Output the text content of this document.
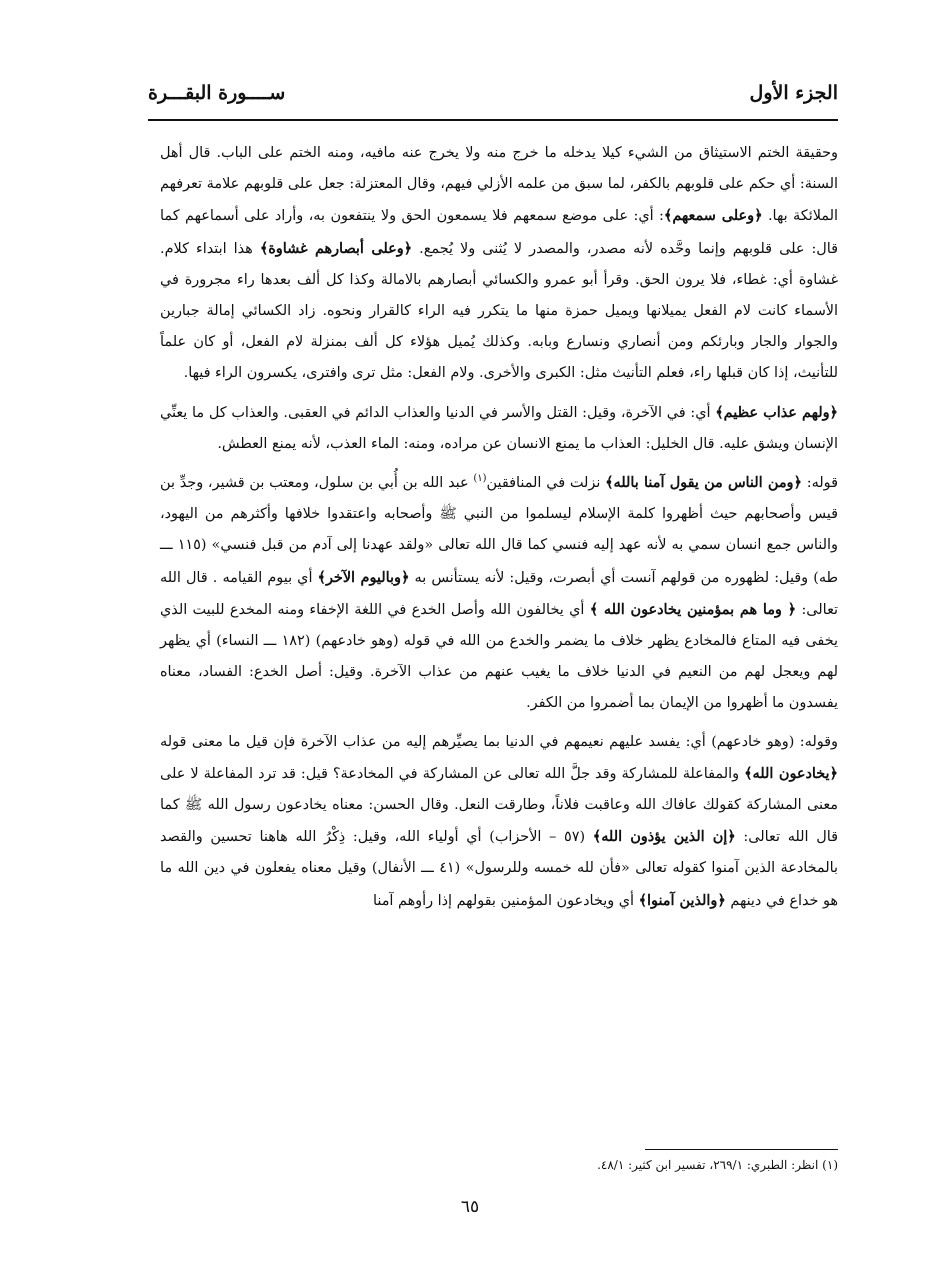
الجزء الأول
ســــورة البقـــرة

وحقيقة الختم الاستيثاق من الشيء كيلا يدخله ما خرج منه ولا يخرج عنه مافيه، ومنه الختم على الباب. قال أهل السنة: أي حكم على قلوبهم بالكفر، لما سبق من علمه الأزلي فيهم، وقال المعتزلة: جعل على قلوبهم علامة تعرفهم الملائكة بها. ﴿وعلى سمعهم﴾: أي: على موضع سمعهم فلا يسمعون الحق ولا ينتفعون به، وأراد على أسماعهم كما قال: على قلوبهم وإنما وحَّده لأنه مصدر، والمصدر لا يُثنى ولا يُجمع. ﴿وعلى أبصارهم غشاوة﴾ هذا ابتداء كلام. غشاوة أي: غطاء، فلا يرون الحق. وقرأ أبو عمرو والكسائي أبصارهم بالامالة وكذا كل ألف بعدها راء مجرورة في الأسماء كانت لام الفعل يميلانها ويميل حمزة منها ما يتكرر فيه الراء كالقرار ونحوه. زاد الكسائي إمالة جبارين والجوار والجار وبارئكم ومن أنصاري ونسارع وبابه. وكذلك يُميل هؤلاء كل ألف بمنزلة لام الفعل، أو كان علماً للتأنيث، إذا كان قبلها راء، فعلم التأنيث مثل: الكبرى والأخرى. ولام الفعل: مثل ترى وافترى، يكسرون الراء فيها.

﴿ولهم عذاب عظيم﴾ أي: في الآخرة، وقيل: القتل والأسر في الدنيا والعذاب الدائم في العقبى. والعذاب كل ما يعنِّي الإنسان ويشق عليه. قال الخليل: العذاب ما يمنع الانسان عن مراده، ومنه: الماء العذب، لأنه يمنع العطش.

قوله: ﴿ومن الناس من يقول آمنا بالله﴾ نزلت في المنافقين$^{(١)}$ عبد الله بن أُبي بن سلول، ومعتب بن قشير، وجدِّ بن قيس وأصحابهم حيث أظهروا كلمة الإسلام ليسلموا من النبي ﷺ وأصحابه واعتقدوا خلافها وأكثرهم من اليهود، والناس جمع انسان سمي به لأنه عهد إليه فنسي كما قال الله تعالى «ولقد عهدنا إلى آدم من قبل فنسي» (١١٥ ـــ طه) وقيل: لظهوره من قولهم آنست أي أبصرت، وقيل: لأنه يستأنس به ﴿وباليوم الآخر﴾ أي بيوم القيامه . قال الله تعالى: ﴿ وما هم بمؤمنين يخادعون الله ﴾ أي يخالفون الله وأصل الخدع في اللغة الإخفاء ومنه المخدع للبيت الذي يخفى فيه المتاع فالمخادع يظهر خلاف ما يضمر والخدع من الله في قوله (وهو خادعهم) (١٨٢ ـــ النساء) أي يظهر لهم ويعجل لهم من النعيم في الدنيا خلاف ما يغيب عنهم من عذاب الآخرة. وقيل: أصل الخدع: الفساد، معناه يفسدون ما أظهروا من الإيمان بما أضمروا من الكفر.

وقوله: (وهو خادعهم) أي: يفسد عليهم نعيمهم في الدنيا بما يصيِّرهم إليه من عذاب الآخرة فإن قيل ما معنى قوله ﴿يخادعون الله﴾ والمفاعلة للمشاركة وقد جلَّ الله تعالى عن المشاركة في المخادعة؟ قيل: قد ترد المفاعلة لا على معنى المشاركة كقولك عافاك الله وعاقبت فلاناً، وطارقت النعل. وقال الحسن: معناه يخادعون رسول الله ﷺ كما قال الله تعالى: ﴿إن الذين يؤذون الله﴾ (٥٧ – الأحزاب) أي أولياء الله، وقيل: ذِكْرُ الله هاهنا تحسين والقصد بالمخادعة الذين آمنوا كقوله تعالى «فأن لله خمسه وللرسول» (٤١ ـــ الأنفال) وقيل معناه يفعلون في دين الله ما هو خداع في دينهم ﴿والذين آمنوا﴾ أي ويخادعون المؤمنين بقولهم إذا رأوهم آمنا

(١) انظر: الطبري: ٢٦٩/١، تفسير ابن كثير: ٤٨/١.
٦٥
